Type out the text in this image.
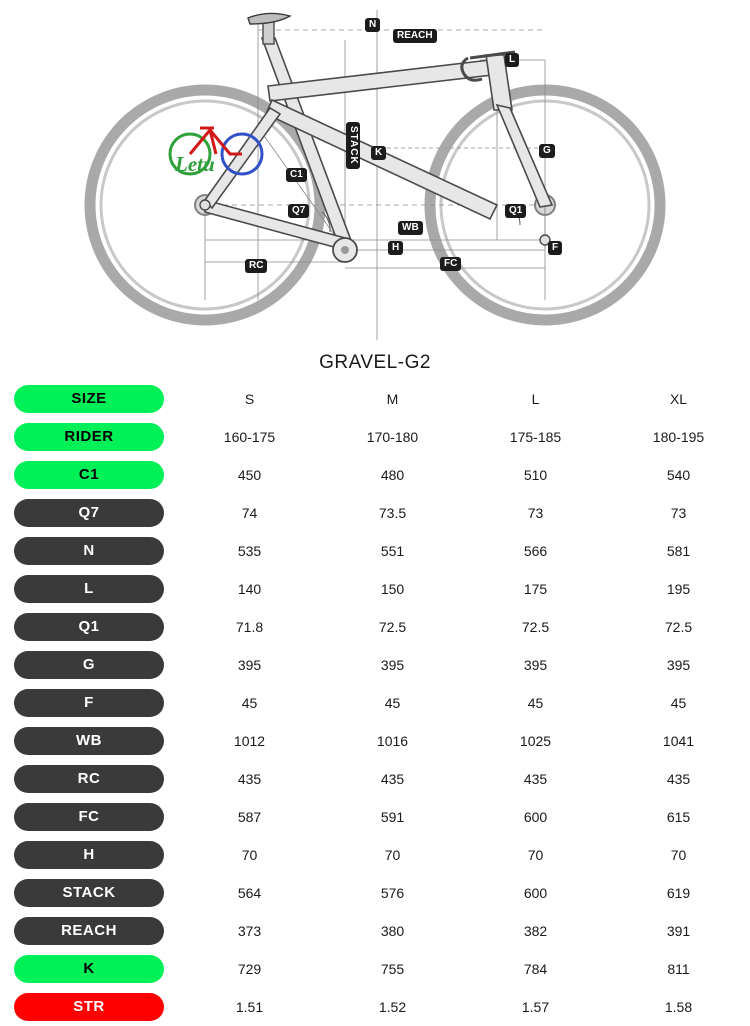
Letu
N
REACH
L
STACK	K	G
C1
Q7
WB
Q1
H	F
FC
RC
GRAVEL-G2
SIZE	S	M	L	XL

RIDER	160-175	170-180	175-185	180-195

C1	450	480	510	540

Q7	74	73.5	73	73

N	535	551	566	581

L	140	150	175	195

Q1	71.8	72.5	72.5	72.5

G	395	395	395	395

F	45	45	45	45

WB	1012	1016	1025	1041

RC	435	435	435	435

FC	587	591	600	615

H	70	70	70	70

STACK	564	576	600	619

REACH	373	380	382	391

K	729	755	784	811

STR	1.51	1.52	1.57	1.58
